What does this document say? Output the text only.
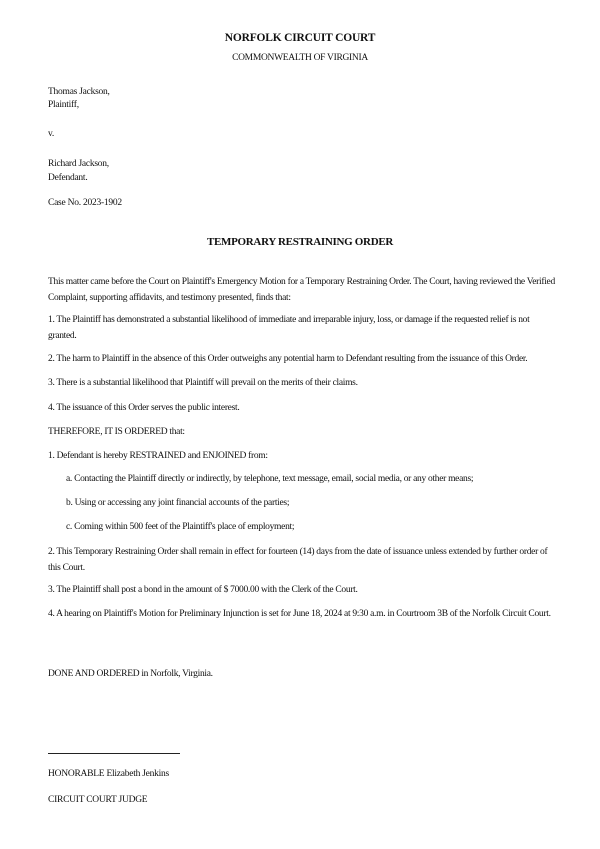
NORFOLK CIRCUIT COURT
COMMONWEALTH OF VIRGINIA
Thomas Jackson,
Plaintiff,
v.
Richard Jackson,
Defendant.
Case No. 2023-1902
TEMPORARY RESTRAINING ORDER
This matter came before the Court on Plaintiff's Emergency Motion for a Temporary Restraining Order. The Court, having reviewed the Verified Complaint, supporting affidavits, and testimony presented, finds that:
1. The Plaintiff has demonstrated a substantial likelihood of immediate and irreparable injury, loss, or damage if the requested relief is not granted.
2. The harm to Plaintiff in the absence of this Order outweighs any potential harm to Defendant resulting from the issuance of this Order.
3. There is a substantial likelihood that Plaintiff will prevail on the merits of their claims.
4. The issuance of this Order serves the public interest.
THEREFORE, IT IS ORDERED that:
1. Defendant is hereby RESTRAINED and ENJOINED from:
a. Contacting the Plaintiff directly or indirectly, by telephone, text message, email, social media, or any other means;
b. Using or accessing any joint financial accounts of the parties;
c. Coming within 500 feet of the Plaintiff's place of employment;
2. This Temporary Restraining Order shall remain in effect for fourteen (14) days from the date of issuance unless extended by further order of this Court.
3. The Plaintiff shall post a bond in the amount of $ 7000.00 with the Clerk of the Court.
4. A hearing on Plaintiff's Motion for Preliminary Injunction is set for June 18, 2024 at 9:30 a.m. in Courtroom 3B of the Norfolk Circuit Court.
DONE AND ORDERED in Norfolk, Virginia.
HONORABLE Elizabeth Jenkins
CIRCUIT COURT JUDGE
